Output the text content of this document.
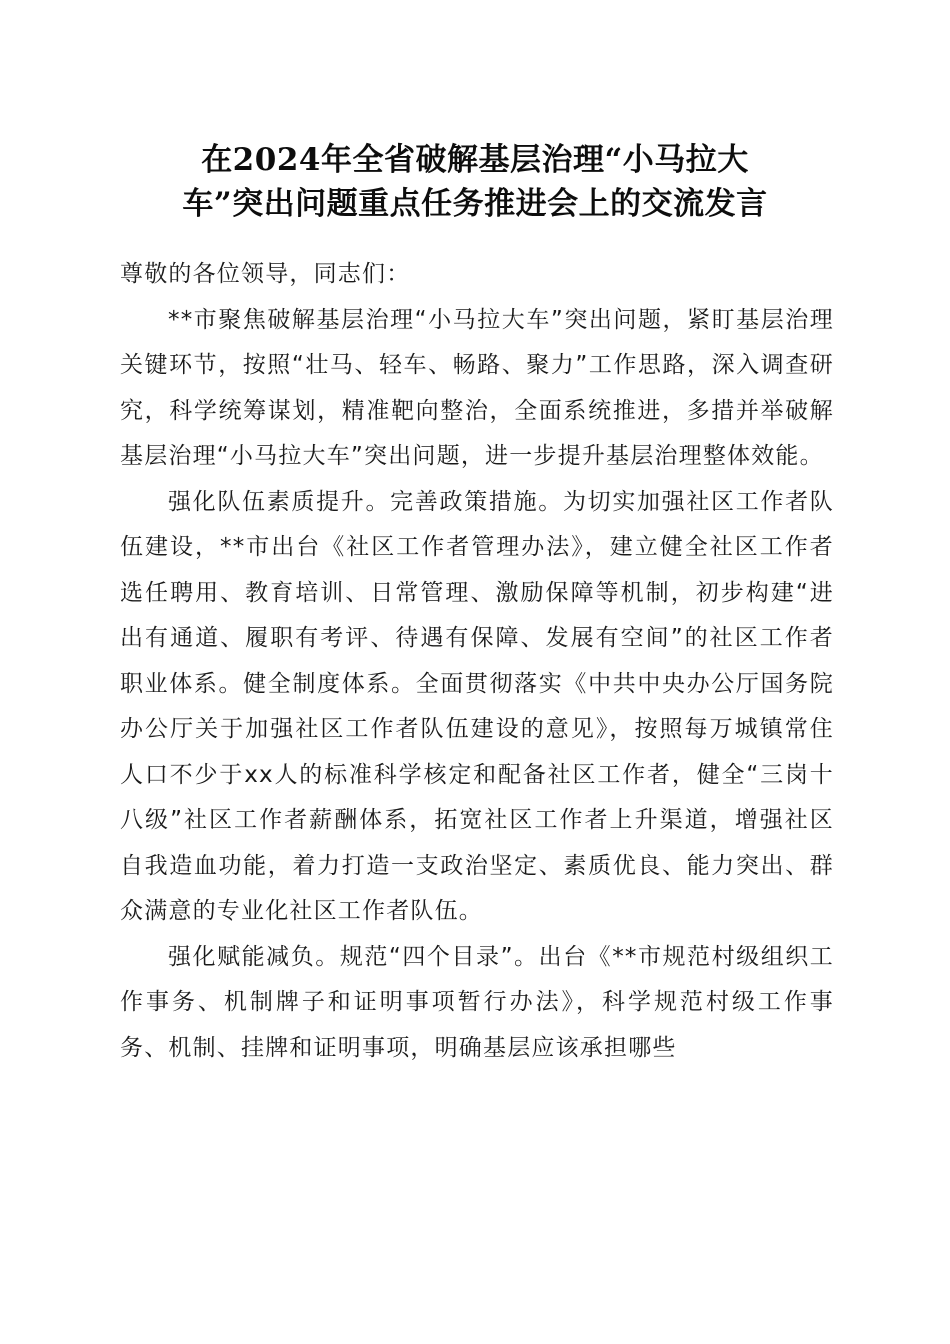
在2024年全省破解基层治理“小马拉大
车”突出问题重点任务推进会上的交流发言

尊敬的各位领导，同志们：

**市聚焦破解基层治理“小马拉大车”突出问题，紧盯基层治理关键环节，按照“壮马、轻车、畅路、聚力”工作思路，深入调查研究，科学统筹谋划，精准靶向整治，全面系统推进，多措并举破解基层治理“小马拉大车”突出问题，进一步提升基层治理整体效能。

强化队伍素质提升。完善政策措施。为切实加强社区工作者队伍建设，**市出台《社区工作者管理办法》，建立健全社区工作者选任聘用、教育培训、日常管理、激励保障等机制，初步构建“进出有通道、履职有考评、待遇有保障、发展有空间”的社区工作者职业体系。健全制度体系。全面贯彻落实《中共中央办公厅国务院办公厅关于加强社区工作者队伍建设的意见》，按照每万城镇常住人口不少于xx人的标准科学核定和配备社区工作者，健全“三岗十八级”社区工作者薪酬体系，拓宽社区工作者上升渠道，增强社区自我造血功能，着力打造一支政治坚定、素质优良、能力突出、群众满意的专业化社区工作者队伍。

强化赋能减负。规范“四个目录”。出台《**市规范村级组织工作事务、机制牌子和证明事项暂行办法》，科学规范村级工作事务、机制、挂牌和证明事项，明确基层应该承担哪些
